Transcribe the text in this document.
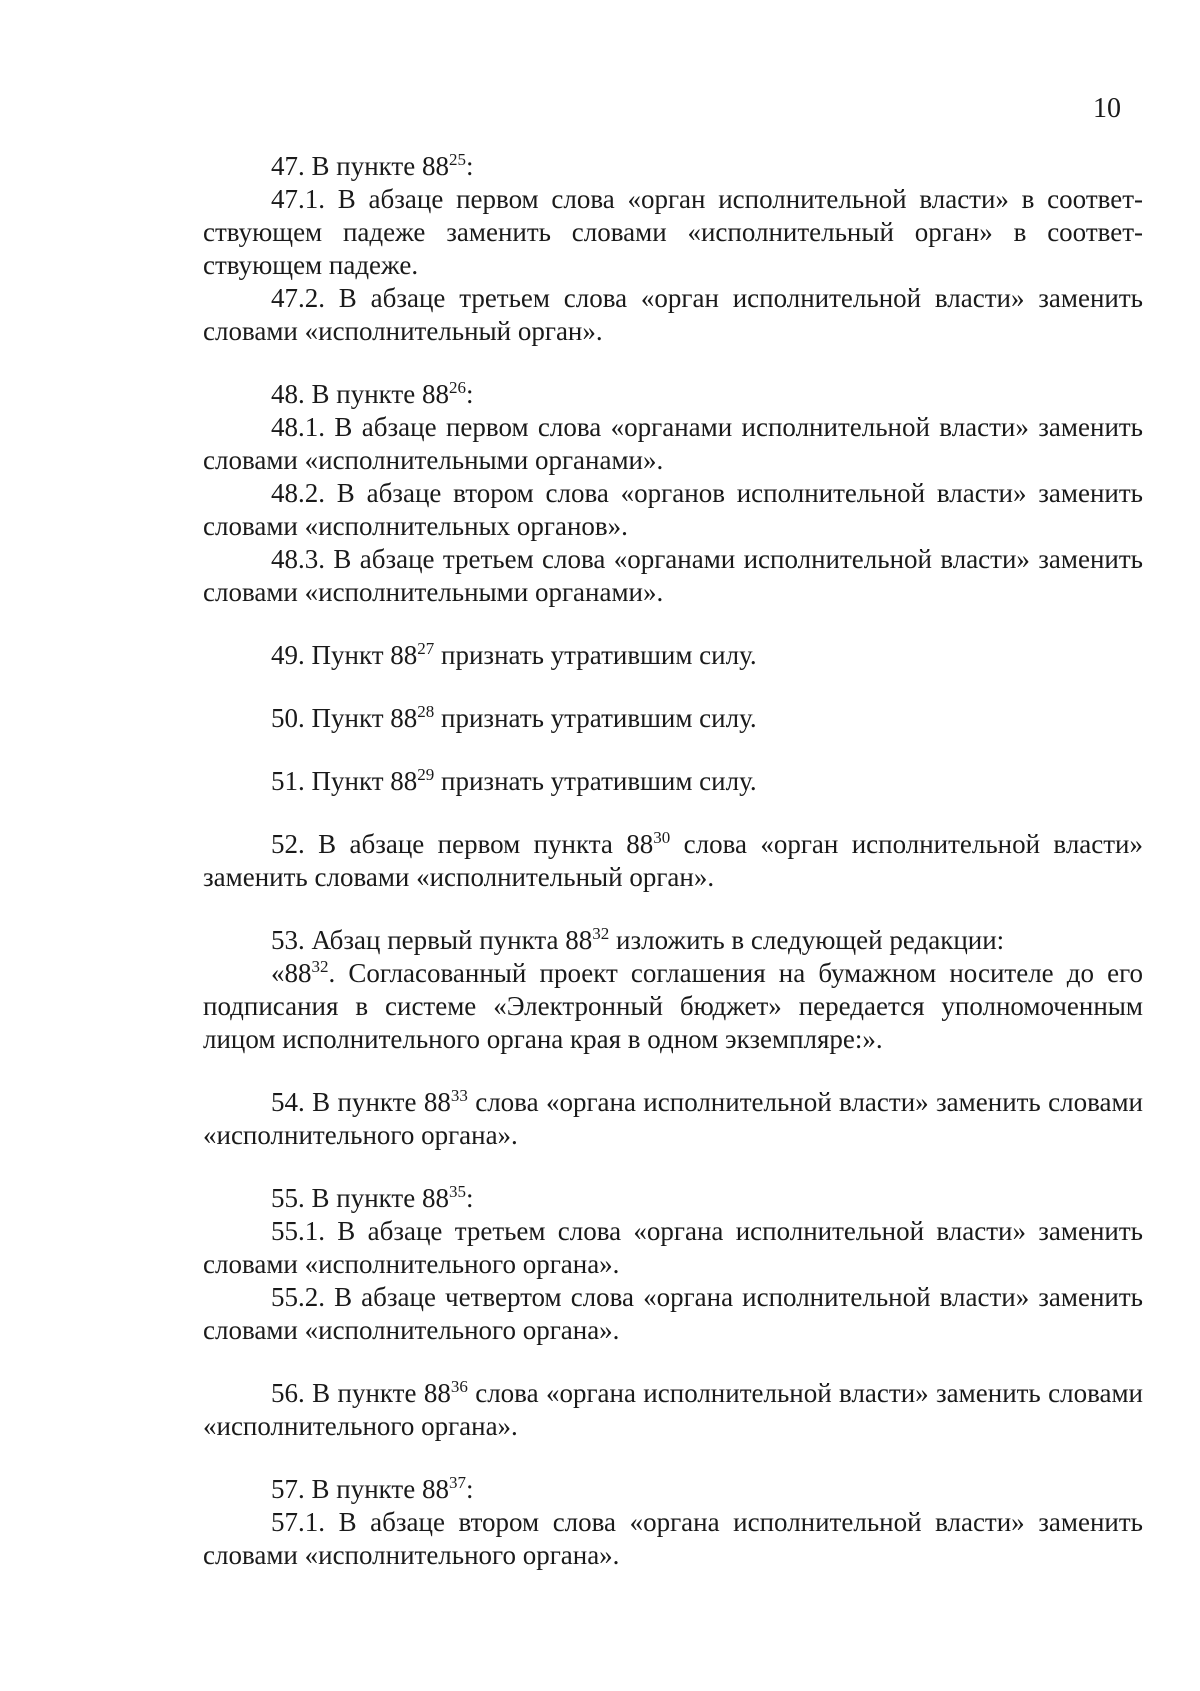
10

47. В пункте $88^{25}$:

47.1. В абзаце первом слова «орган исполнительной власти» в соответствующем падеже заменить словами «исполнительный орган» в соответствующем падеже.

47.2. В абзаце третьем слова «орган исполнительной власти» заменить словами «исполнительный орган».

48. В пункте $88^{26}$:

48.1. В абзаце первом слова «органами исполнительной власти» заменить словами «исполнительными органами».

48.2. В абзаце втором слова «органов исполнительной власти» заменить словами «исполнительных органов».

48.3. В абзаце третьем слова «органами исполнительной власти» заменить словами «исполнительными органами».

49. Пункт $88^{27}$ признать утратившим силу.

50. Пункт $88^{28}$ признать утратившим силу.

51. Пункт $88^{29}$ признать утратившим силу.

52. В абзаце первом пункта $88^{30}$ слова «орган исполнительной власти» заменить словами «исполнительный орган».

53. Абзац первый пункта $88^{32}$ изложить в следующей редакции:

«$88^{32}$. Согласованный проект соглашения на бумажном носителе до его подписания в системе «Электронный бюджет» передается уполномоченным лицом исполнительного органа края в одном экземпляре:».

54. В пункте $88^{33}$ слова «органа исполнительной власти» заменить словами «исполнительного органа».

55. В пункте $88^{35}$:

55.1. В абзаце третьем слова «органа исполнительной власти» заменить словами «исполнительного органа».

55.2. В абзаце четвертом слова «органа исполнительной власти» заменить словами «исполнительного органа».

56. В пункте $88^{36}$ слова «органа исполнительной власти» заменить словами «исполнительного органа».

57. В пункте $88^{37}$:

57.1. В абзаце втором слова «органа исполнительной власти» заменить словами «исполнительного органа».
